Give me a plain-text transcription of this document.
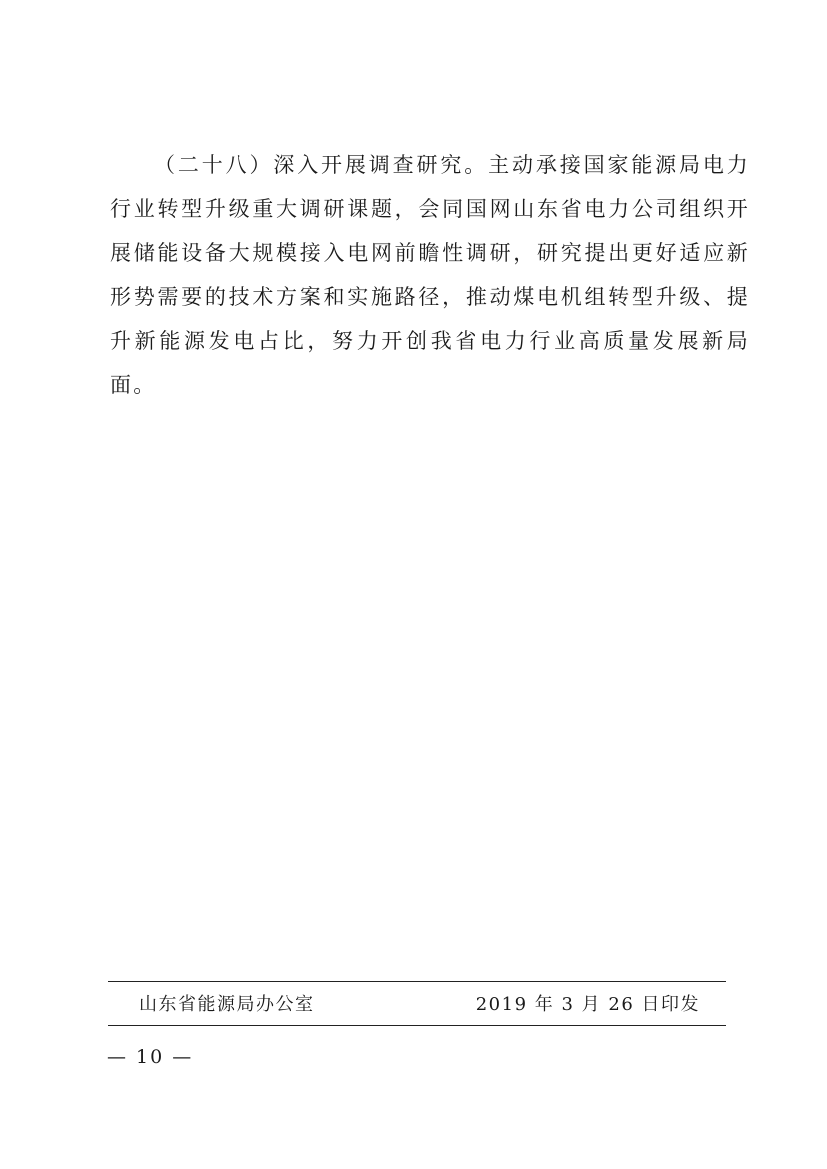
（二十八）深入开展调查研究。主动承接国家能源局电力行业转型升级重大调研课题，会同国网山东省电力公司组织开展储能设备大规模接入电网前瞻性调研，研究提出更好适应新形势需要的技术方案和实施路径，推动煤电机组转型升级、提升新能源发电占比，努力开创我省电力行业高质量发展新局面。

山东省能源局办公室	2019 年 3 月 26 日印发
— 10 —
